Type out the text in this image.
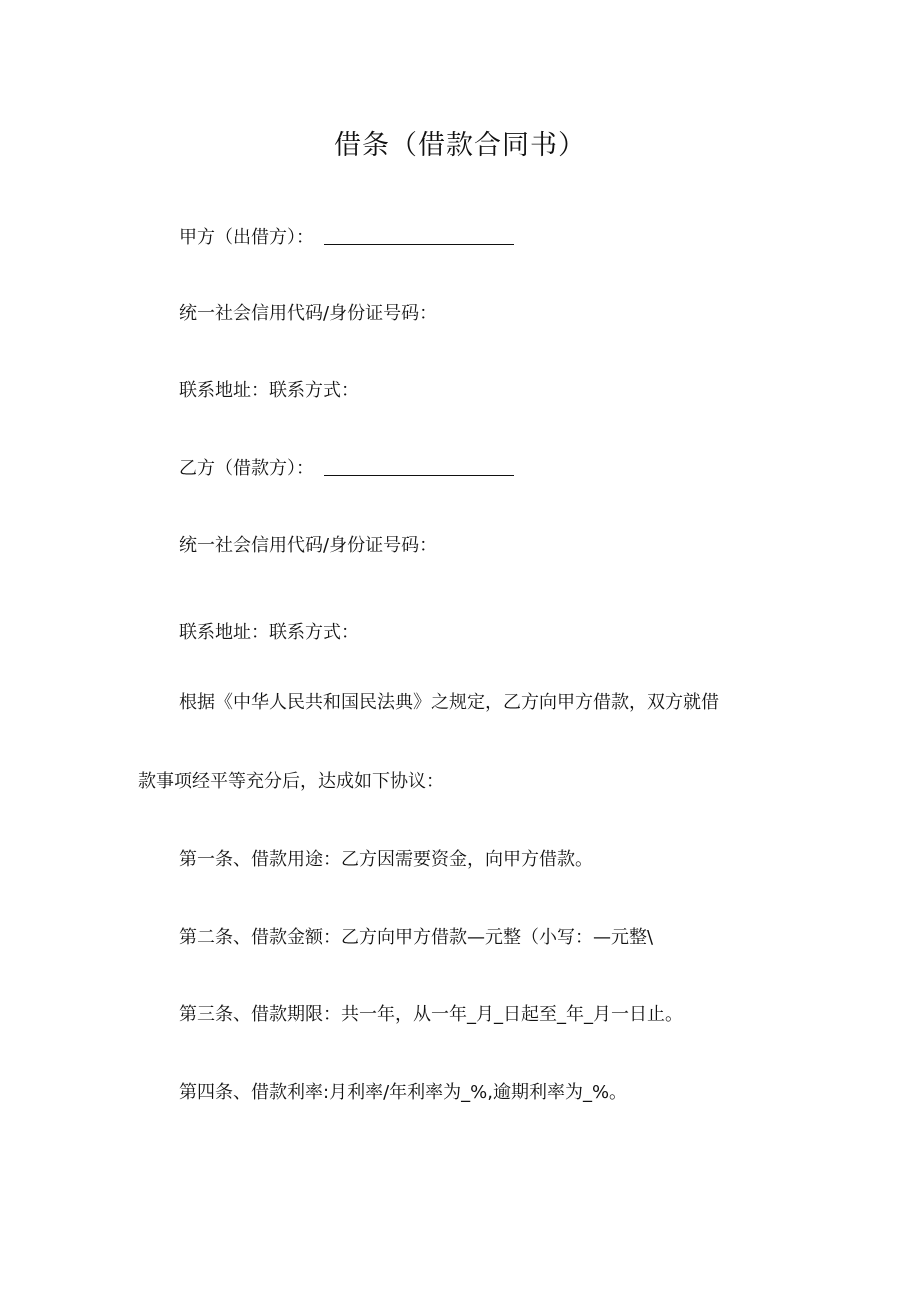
借条（借款合同书）
甲方（出借方）：
统一社会信用代码/身份证号码：
联系地址：联系方式：
乙方（借款方）：
统一社会信用代码/身份证号码：
联系地址：联系方式：
根据《中华人民共和国民法典》之规定，乙方向甲方借款，双方就借
款事项经平等充分后，达成如下协议：
第一条、借款用途：乙方因需要资金，向甲方借款。
第二条、借款金额：乙方向甲方借款—元整（小写：—元整\
第三条、借款期限：共一年，从一年_月_日起至_年_月一日止。
第四条、借款利率:月利率/年利率为_%,逾期利率为_%。
